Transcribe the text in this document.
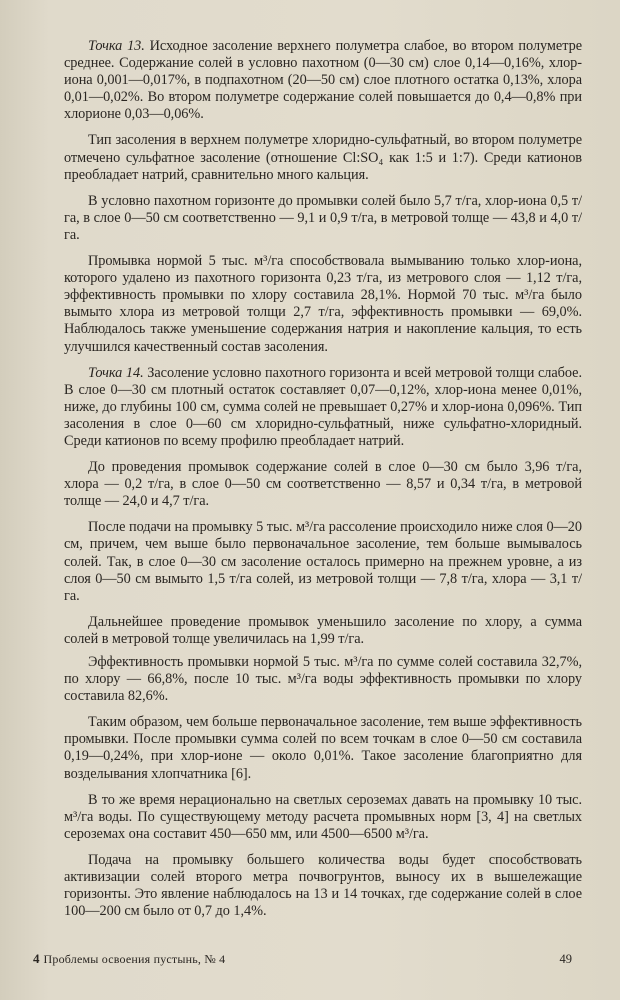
Точка 13. Исходное засоление верхнего полуметра слабое, во втором полуметре среднее. Содержание солей в условно пахотном (0—30 см) слое 0,14—0,16%, хлор-иона 0,001—0,017%, в подпахотном (20—50 см) слое плотного остатка 0,13%, хлора 0,01—0,02%. Во втором полуметре содержание солей повышается до 0,4—0,8% при хлорионе 0,03—0,06%.

Тип засоления в верхнем полуметре хлоридно-сульфатный, во втором полуметре отмечено сульфатное засоление (отношение Cl:SO₄ как 1:5 и 1:7). Среди катионов преобладает натрий, сравнительно много кальция.

В условно пахотном горизонте до промывки солей было 5,7 т/га, хлор-иона 0,5 т/га, в слое 0—50 см соответственно — 9,1 и 0,9 т/га, в метровой толще — 43,8 и 4,0 т/га.

Промывка нормой 5 тыс. м³/га способствовала вымыванию только хлор-иона, которого удалено из пахотного горизонта 0,23 т/га, из метрового слоя — 1,12 т/га, эффективность промывки по хлору составила 28,1%. Нормой 70 тыс. м³/га было вымыто хлора из метровой толщи 2,7 т/га, эффективность промывки — 69,0%. Наблюдалось также уменьшение содержания натрия и накопление кальция, то есть улучшился качественный состав засоления.

Точка 14. Засоление условно пахотного горизонта и всей метровой толщи слабое. В слое 0—30 см плотный остаток составляет 0,07—0,12%, хлор-иона менее 0,01%, ниже, до глубины 100 см, сумма солей не превышает 0,27% и хлор-иона 0,096%. Тип засоления в слое 0—60 см хлоридно-сульфатный, ниже сульфатно-хлоридный. Среди катионов по всему профилю преобладает натрий.

До проведения промывок содержание солей в слое 0—30 см было 3,96 т/га, хлора — 0,2 т/га, в слое 0—50 см соответственно — 8,57 и 0,34 т/га, в метровой толще — 24,0 и 4,7 т/га.

После подачи на промывку 5 тыс. м³/га рассоление происходило ниже слоя 0—20 см, причем, чем выше было первоначальное засоление, тем больше вымывалось солей. Так, в слое 0—30 см засоление осталось примерно на прежнем уровне, а из слоя 0—50 см вымыто 1,5 т/га солей, из метровой толщи — 7,8 т/га, хлора — 3,1 т/га.

Дальнейшее проведение промывок уменьшило засоление по хлору, а сумма солей в метровой толще увеличилась на 1,99 т/га.

Эффективность промывки нормой 5 тыс. м³/га по сумме солей составила 32,7%, по хлору — 66,8%, после 10 тыс. м³/га воды эффективность промывки по хлору составила 82,6%.

Таким образом, чем больше первоначальное засоление, тем выше эффективность промывки. После промывки сумма солей по всем точкам в слое 0—50 см составила 0,19—0,24%, при хлор-ионе — около 0,01%. Такое засоление благоприятно для возделывания хлопчатника [6].

В то же время нерационально на светлых сероземах давать на промывку 10 тыс. м³/га воды. По существующему методу расчета промывных норм [3, 4] на светлых сероземах она составит 450—650 мм, или 4500—6500 м³/га.

Подача на промывку большего количества воды будет способствовать активизации солей второго метра почвогрунтов, выносу их в вышележащие горизонты. Это явление наблюдалось на 13 и 14 точках, где содержание солей в слое 100—200 см было от 0,7 до 1,4%.

4 Проблемы освоения пустынь, № 4	49
